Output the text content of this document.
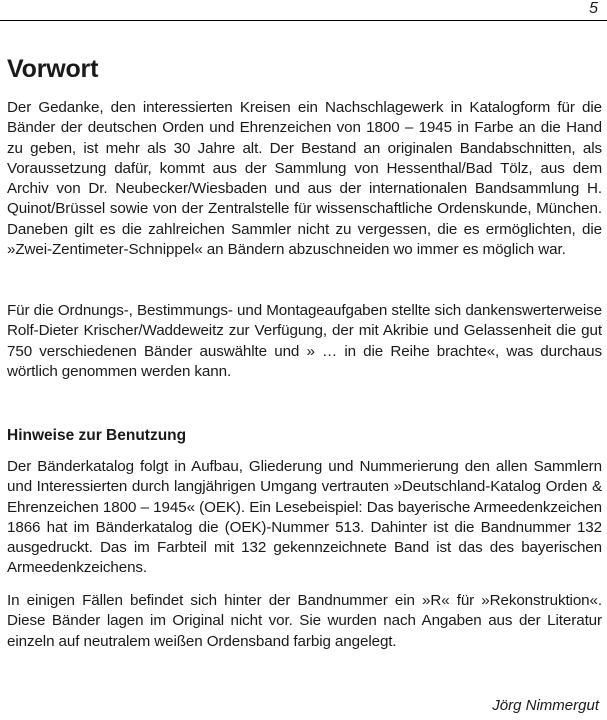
5
Vorwort

Der Gedanke, den interessierten Kreisen ein Nachschlagewerk in Katalogform für die Bänder der deutschen Orden und Ehrenzeichen von 1800 – 1945 in Farbe an die Hand zu geben, ist mehr als 30 Jahre alt. Der Bestand an originalen Bandabschnitten, als Voraussetzung dafür, kommt aus der Sammlung von Hessenthal/Bad Tölz, aus dem Archiv von Dr. Neubecker/Wiesbaden und aus der internationalen Bandsammlung H. Quinot/Brüssel sowie von der Zentralstelle für wissenschaftliche Ordenskunde, München. Daneben gilt es die zahlreichen Sammler nicht zu vergessen, die es ermöglichten, die »Zwei-Zentimeter-Schnippel« an Bändern abzuschneiden wo immer es möglich war.

Für die Ordnungs-, Bestimmungs- und Montageaufgaben stellte sich dankenswerterweise Rolf-Dieter Krischer/Waddeweitz zur Verfügung, der mit Akribie und Gelassenheit die gut 750 verschiedenen Bänder auswählte und » … in die Reihe brachte«, was durchaus wörtlich genommen werden kann.

Hinweise zur Benutzung

Der Bänderkatalog folgt in Aufbau, Gliederung und Nummerierung den allen Sammlern und Interessierten durch langjährigen Umgang vertrauten »Deutschland-Katalog Orden & Ehrenzeichen 1800 – 1945« (OEK). Ein Lesebeispiel: Das bayerische Armeedenkzeichen 1866 hat im Bänderkatalog die (OEK)-Nummer 513. Dahinter ist die Bandnummer 132 ausgedruckt. Das im Farbteil mit 132 gekennzeichnete Band ist das des bayerischen Armeedenkzeichens.

In einigen Fällen befindet sich hinter der Bandnummer ein »R« für »Rekonstruktion«. Diese Bänder lagen im Original nicht vor. Sie wurden nach Angaben aus der Literatur einzeln auf neutralem weißen Ordensband farbig angelegt.

Jörg Nimmergut
